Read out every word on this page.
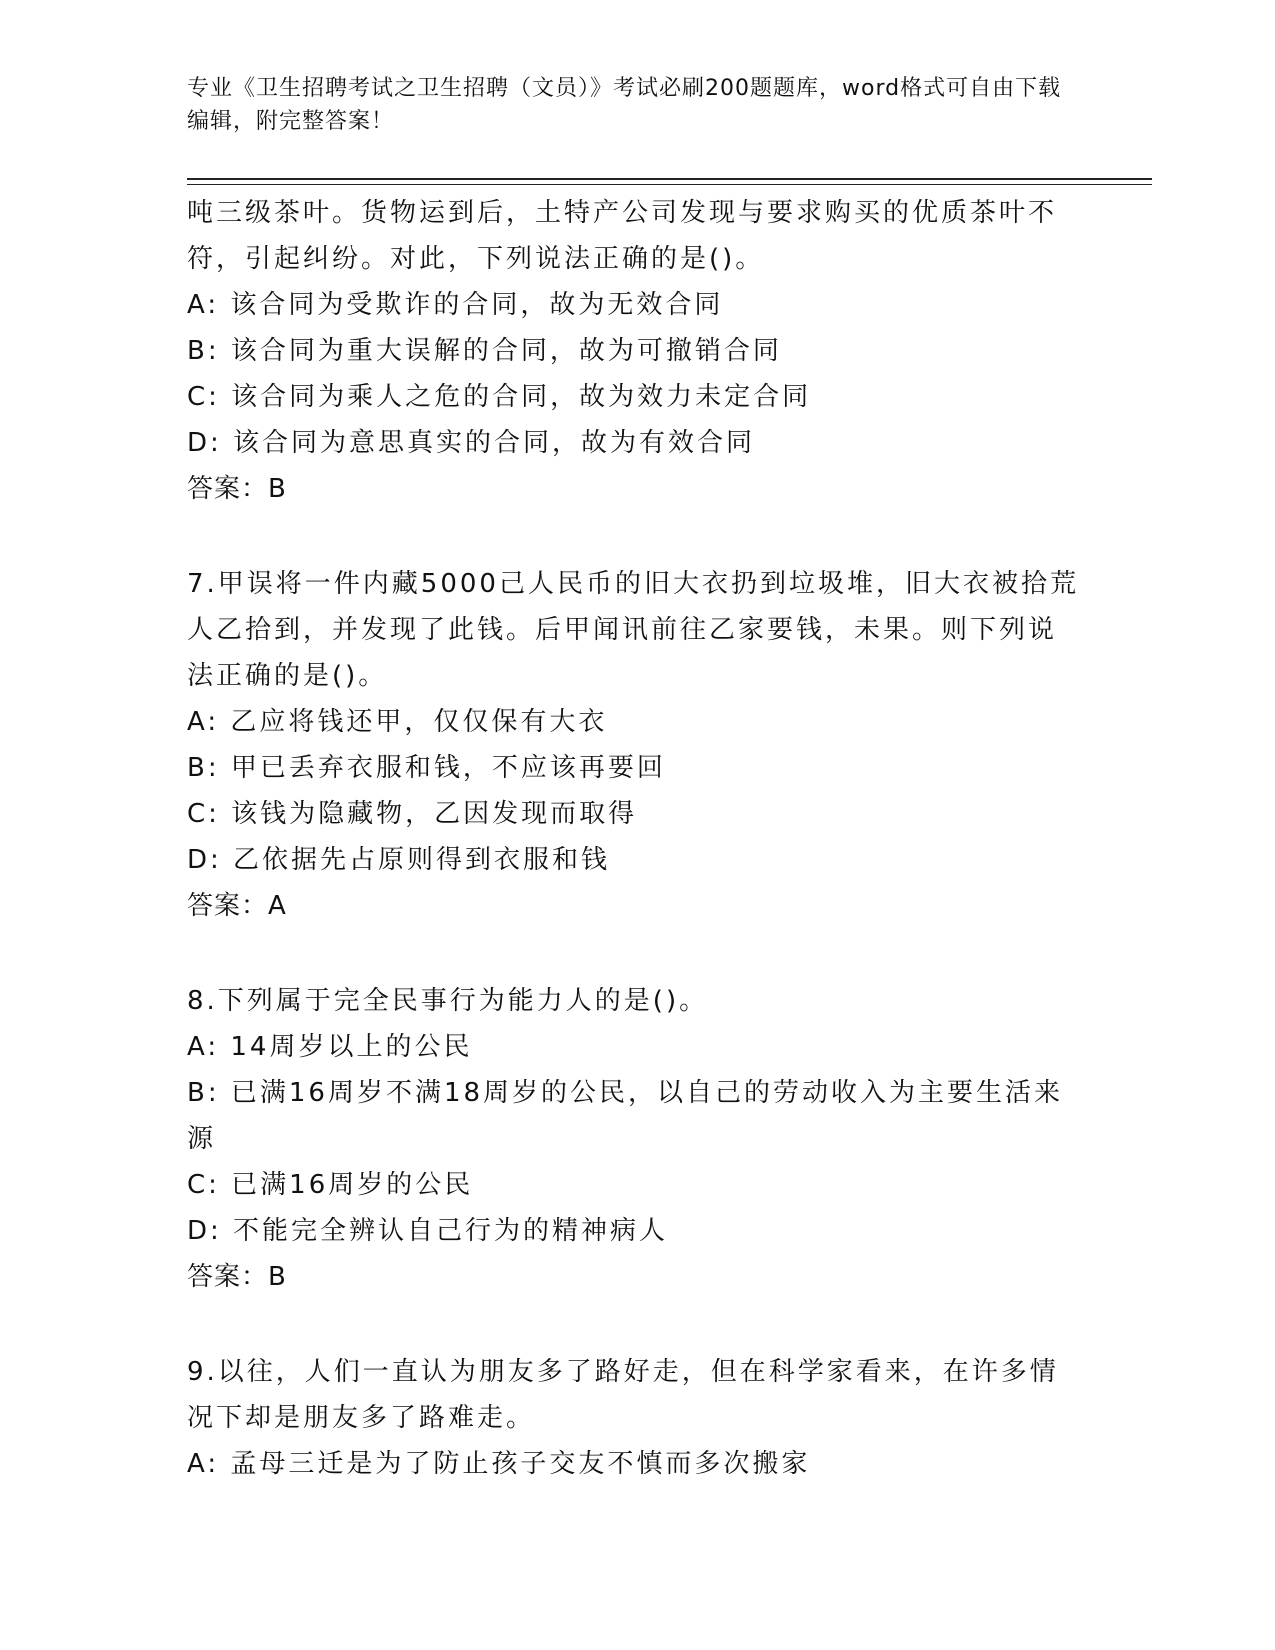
专业《卫生招聘考试之卫生招聘（文员）》考试必刷200题题库，word格式可自由下载编辑，附完整答案！
吨三级茶叶。货物运到后，土特产公司发现与要求购买的优质茶叶不
符，引起纠纷。对此，下列说法正确的是()。
A: 该合同为受欺诈的合同，故为无效合同
B: 该合同为重大误解的合同，故为可撤销合同
C: 该合同为乘人之危的合同，故为效力未定合同
D: 该合同为意思真实的合同，故为有效合同
答案：B
7.甲误将一件内藏5000己人民币的旧大衣扔到垃圾堆，旧大衣被拾荒
人乙拾到，并发现了此钱。后甲闻讯前往乙家要钱，未果。则下列说
法正确的是()。
A: 乙应将钱还甲，仅仅保有大衣
B: 甲已丢弃衣服和钱，不应该再要回
C: 该钱为隐藏物，乙因发现而取得
D: 乙依据先占原则得到衣服和钱
答案：A
8.下列属于完全民事行为能力人的是()。
A: 14周岁以上的公民
B: 已满16周岁不满18周岁的公民，以自己的劳动收入为主要生活来
源
C: 已满16周岁的公民
D: 不能完全辨认自己行为的精神病人
答案：B
9.以往，人们一直认为朋友多了路好走，但在科学家看来，在许多情
况下却是朋友多了路难走。
A: 孟母三迁是为了防止孩子交友不慎而多次搬家
